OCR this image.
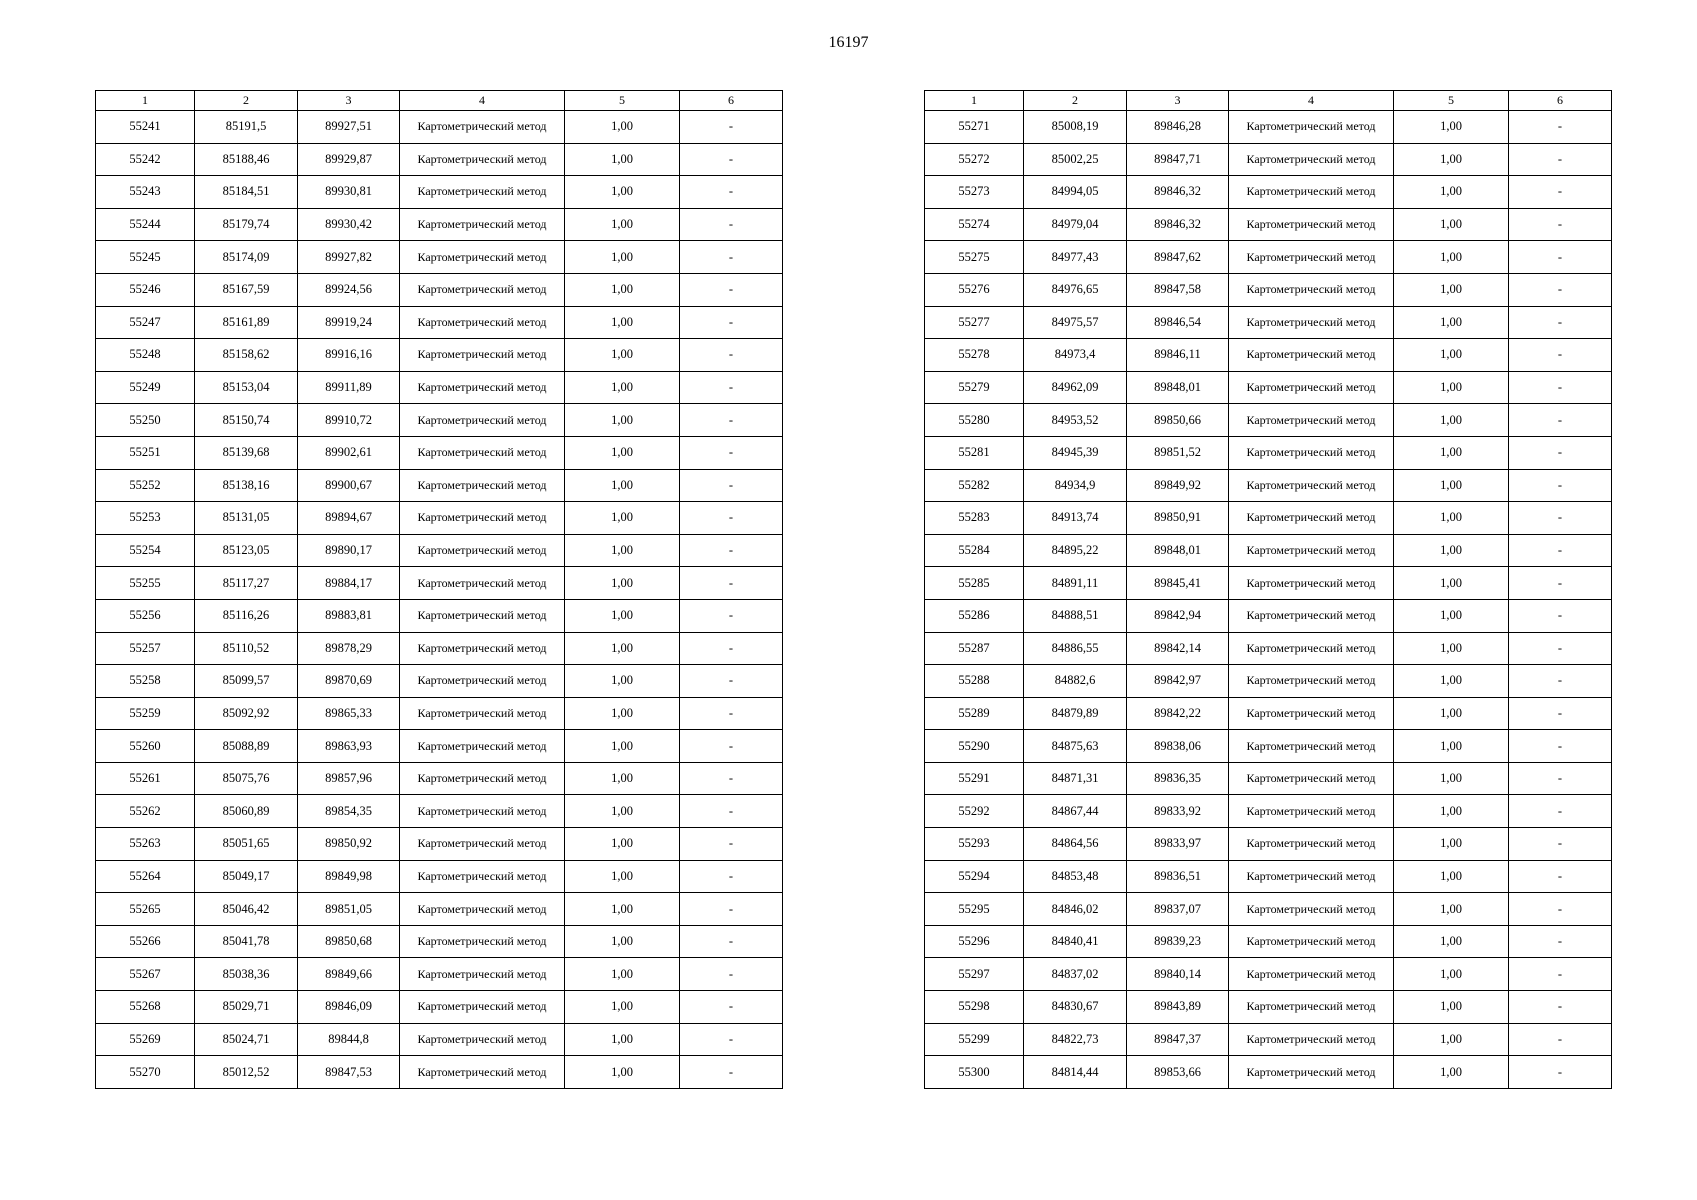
16197
1	2	3	4	5	6
55241	85191,5	89927,51	Картометрический метод	1,00	-
55242	85188,46	89929,87	Картометрический метод	1,00	-
55243	85184,51	89930,81	Картометрический метод	1,00	-
55244	85179,74	89930,42	Картометрический метод	1,00	-
55245	85174,09	89927,82	Картометрический метод	1,00	-
55246	85167,59	89924,56	Картометрический метод	1,00	-
55247	85161,89	89919,24	Картометрический метод	1,00	-
55248	85158,62	89916,16	Картометрический метод	1,00	-
55249	85153,04	89911,89	Картометрический метод	1,00	-
55250	85150,74	89910,72	Картометрический метод	1,00	-
55251	85139,68	89902,61	Картометрический метод	1,00	-
55252	85138,16	89900,67	Картометрический метод	1,00	-
55253	85131,05	89894,67	Картометрический метод	1,00	-
55254	85123,05	89890,17	Картометрический метод	1,00	-
55255	85117,27	89884,17	Картометрический метод	1,00	-
55256	85116,26	89883,81	Картометрический метод	1,00	-
55257	85110,52	89878,29	Картометрический метод	1,00	-
55258	85099,57	89870,69	Картометрический метод	1,00	-
55259	85092,92	89865,33	Картометрический метод	1,00	-
55260	85088,89	89863,93	Картометрический метод	1,00	-
55261	85075,76	89857,96	Картометрический метод	1,00	-
55262	85060,89	89854,35	Картометрический метод	1,00	-
55263	85051,65	89850,92	Картометрический метод	1,00	-
55264	85049,17	89849,98	Картометрический метод	1,00	-
55265	85046,42	89851,05	Картометрический метод	1,00	-
55266	85041,78	89850,68	Картометрический метод	1,00	-
55267	85038,36	89849,66	Картометрический метод	1,00	-
55268	85029,71	89846,09	Картометрический метод	1,00	-
55269	85024,71	89844,8	Картометрический метод	1,00	-
55270	85012,52	89847,53	Картометрический метод	1,00	-
1	2	3	4	5	6
55271	85008,19	89846,28	Картометрический метод	1,00	-
55272	85002,25	89847,71	Картометрический метод	1,00	-
55273	84994,05	89846,32	Картометрический метод	1,00	-
55274	84979,04	89846,32	Картометрический метод	1,00	-
55275	84977,43	89847,62	Картометрический метод	1,00	-
55276	84976,65	89847,58	Картометрический метод	1,00	-
55277	84975,57	89846,54	Картометрический метод	1,00	-
55278	84973,4	89846,11	Картометрический метод	1,00	-
55279	84962,09	89848,01	Картометрический метод	1,00	-
55280	84953,52	89850,66	Картометрический метод	1,00	-
55281	84945,39	89851,52	Картометрический метод	1,00	-
55282	84934,9	89849,92	Картометрический метод	1,00	-
55283	84913,74	89850,91	Картометрический метод	1,00	-
55284	84895,22	89848,01	Картометрический метод	1,00	-
55285	84891,11	89845,41	Картометрический метод	1,00	-
55286	84888,51	89842,94	Картометрический метод	1,00	-
55287	84886,55	89842,14	Картометрический метод	1,00	-
55288	84882,6	89842,97	Картометрический метод	1,00	-
55289	84879,89	89842,22	Картометрический метод	1,00	-
55290	84875,63	89838,06	Картометрический метод	1,00	-
55291	84871,31	89836,35	Картометрический метод	1,00	-
55292	84867,44	89833,92	Картометрический метод	1,00	-
55293	84864,56	89833,97	Картометрический метод	1,00	-
55294	84853,48	89836,51	Картометрический метод	1,00	-
55295	84846,02	89837,07	Картометрический метод	1,00	-
55296	84840,41	89839,23	Картометрический метод	1,00	-
55297	84837,02	89840,14	Картометрический метод	1,00	-
55298	84830,67	89843,89	Картометрический метод	1,00	-
55299	84822,73	89847,37	Картометрический метод	1,00	-
55300	84814,44	89853,66	Картометрический метод	1,00	-
